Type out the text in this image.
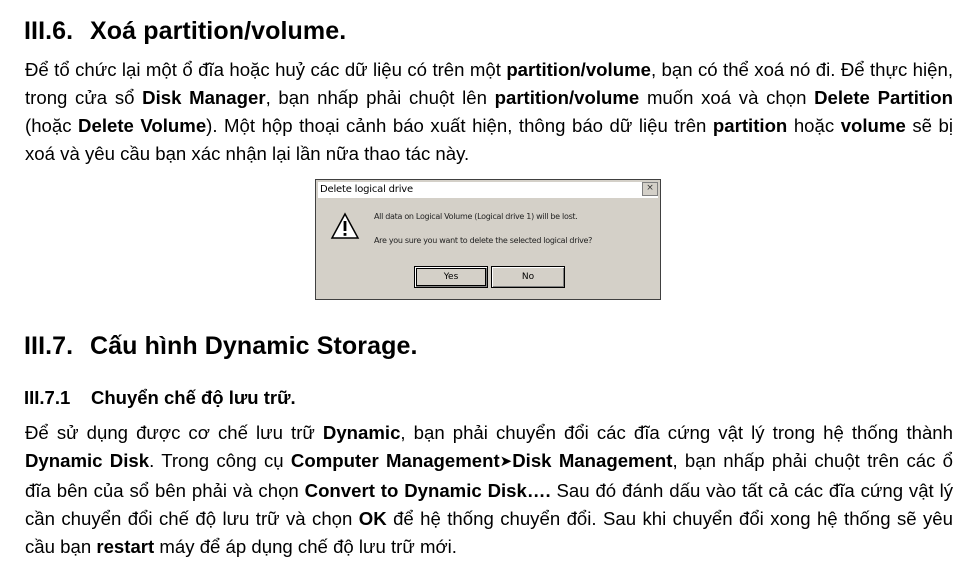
III.6. Xoá partition/volume.

Để tổ chức lại một ổ đĩa hoặc huỷ các dữ liệu có trên một partition/volume, bạn có thể xoá nó đi. Để thực hiện, trong cửa sổ Disk Manager, bạn nhấp phải chuột lên partition/volume muốn xoá và chọn Delete Partition (hoặc Delete Volume). Một hộp thoại cảnh báo xuất hiện, thông báo dữ liệu trên partition hoặc volume sẽ bị xoá và yêu cầu bạn xác nhận lại lần nữa thao tác này.

Delete logical drive	×
All data on Logical Volume (Logical drive 1) will be lost.
Are you sure you want to delete the selected logical drive?
Yes	No
III.7. Cấu hình Dynamic Storage.
III.7.1 Chuyển chế độ lưu trữ.

Để sử dụng được cơ chế lưu trữ Dynamic, bạn phải chuyển đổi các đĩa cứng vật lý trong hệ thống thành Dynamic Disk. Trong công cụ Computer Management➤Disk Management, bạn nhấp phải chuột trên các ổ đĩa bên của sổ bên phải và chọn Convert to Dynamic Disk…. Sau đó đánh dấu vào tất cả các đĩa cứng vật lý cần chuyển đổi chế độ lưu trữ và chọn OK để hệ thống chuyển đổi. Sau khi chuyển đổi xong hệ thống sẽ yêu cầu bạn restart máy để áp dụng chế độ lưu trữ mới.
